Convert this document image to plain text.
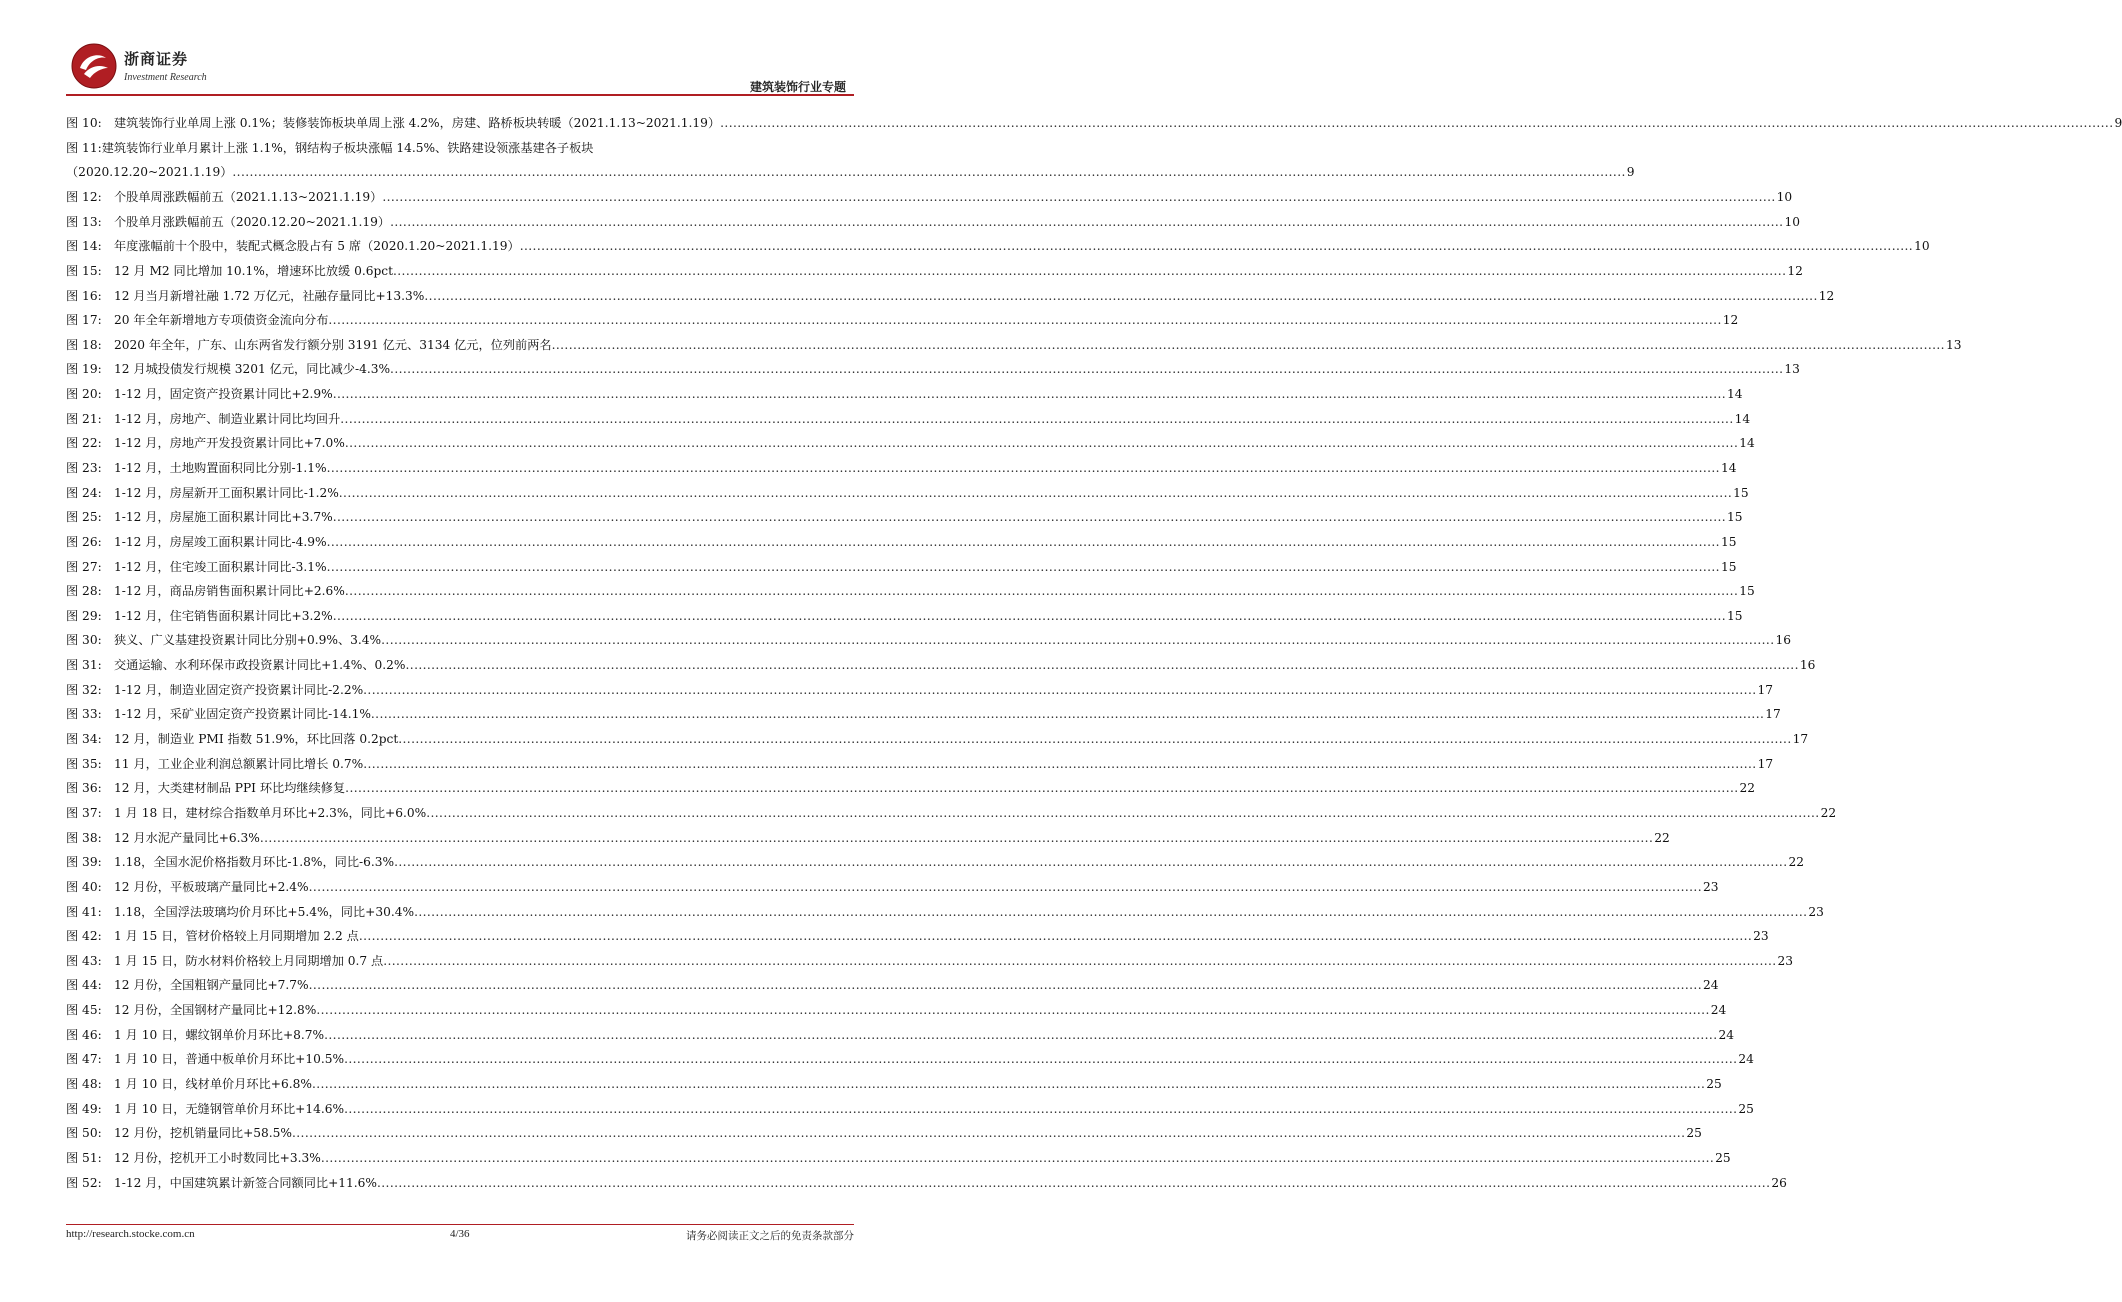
浙商证券
Investment Research
建筑装饰行业专题
图 10:	建筑装饰行业单周上涨 0.1%；装修装饰板块单周上涨 4.2%，房建、路桥板块转暖（2021.1.13~2021.1.19） .....	9
图 11:建筑装饰行业单月累计上涨 1.1%，钢结构子板块涨幅 14.5%、铁路建设领涨基建各子板块
（2020.12.20~2021.1.19） .....	9
图 12:	个股单周涨跌幅前五（2021.1.13~2021.1.19） .....	10
图 13:	个股单月涨跌幅前五（2020.12.20~2021.1.19） .....	10
图 14:	年度涨幅前十个股中，装配式概念股占有 5 席（2020.1.20~2021.1.19） .....	10
图 15:	12 月 M2 同比增加 10.1%，增速环比放缓 0.6pct .....	12
图 16:	12 月当月新增社融 1.72 万亿元，社融存量同比+13.3% .....	12
图 17:	20 年全年新增地方专项债资金流向分布 .....	12
图 18:	2020 年全年，广东、山东两省发行额分别 3191 亿元、3134 亿元，位列前两名 .....	13
图 19:	12 月城投债发行规模 3201 亿元，同比减少-4.3% .....	13
图 20:	1-12 月，固定资产投资累计同比+2.9% .....	14
图 21:	1-12 月，房地产、制造业累计同比均回升 .....	14
图 22:	1-12 月，房地产开发投资累计同比+7.0% .....	14
图 23:	1-12 月，土地购置面积同比分别-1.1% .....	14
图 24:	1-12 月，房屋新开工面积累计同比-1.2% .....	15
图 25:	1-12 月，房屋施工面积累计同比+3.7% .....	15
图 26:	1-12 月，房屋竣工面积累计同比-4.9% .....	15
图 27:	1-12 月，住宅竣工面积累计同比-3.1% .....	15
图 28:	1-12 月，商品房销售面积累计同比+2.6% .....	15
图 29:	1-12 月，住宅销售面积累计同比+3.2% .....	15
图 30:	狭义、广义基建投资累计同比分别+0.9%、3.4% .....	16
图 31:	交通运输、水利环保市政投资累计同比+1.4%、0.2% .....	16
图 32:	1-12 月，制造业固定资产投资累计同比-2.2% .....	17
图 33:	1-12 月，采矿业固定资产投资累计同比-14.1% .....	17
图 34:	12 月，制造业 PMI 指数 51.9%，环比回落 0.2pct .....	17
图 35:	11 月，工业企业利润总额累计同比增长 0.7% .....	17
图 36:	12 月，大类建材制品 PPI 环比均继续修复 .....	22
图 37:	1 月 18 日，建材综合指数单月环比+2.3%，同比+6.0% .....	22
图 38:	12 月水泥产量同比+6.3% .....	22
图 39:	1.18，全国水泥价格指数月环比-1.8%，同比-6.3% .....	22
图 40:	12 月份，平板玻璃产量同比+2.4% .....	23
图 41:	1.18，全国浮法玻璃均价月环比+5.4%，同比+30.4% .....	23
图 42:	1 月 15 日，管材价格较上月同期增加 2.2 点 .....	23
图 43:	1 月 15 日，防水材料价格较上月同期增加 0.7 点 .....	23
图 44:	12 月份，全国粗钢产量同比+7.7% .....	24
图 45:	12 月份，全国钢材产量同比+12.8% .....	24
图 46:	1 月 10 日，螺纹钢单价月环比+8.7% .....	24
图 47:	1 月 10 日，普通中板单价月环比+10.5% .....	24
图 48:	1 月 10 日，线材单价月环比+6.8% .....	25
图 49:	1 月 10 日，无缝钢管单价月环比+14.6% .....	25
图 50:	12 月份，挖机销量同比+58.5% .....	25
图 51:	12 月份，挖机开工小时数同比+3.3% .....	25
图 52:	1-12 月，中国建筑累计新签合同额同比+11.6% .....	26
http://research.stocke.com.cn	4/36	请务必阅读正文之后的免责条款部分
